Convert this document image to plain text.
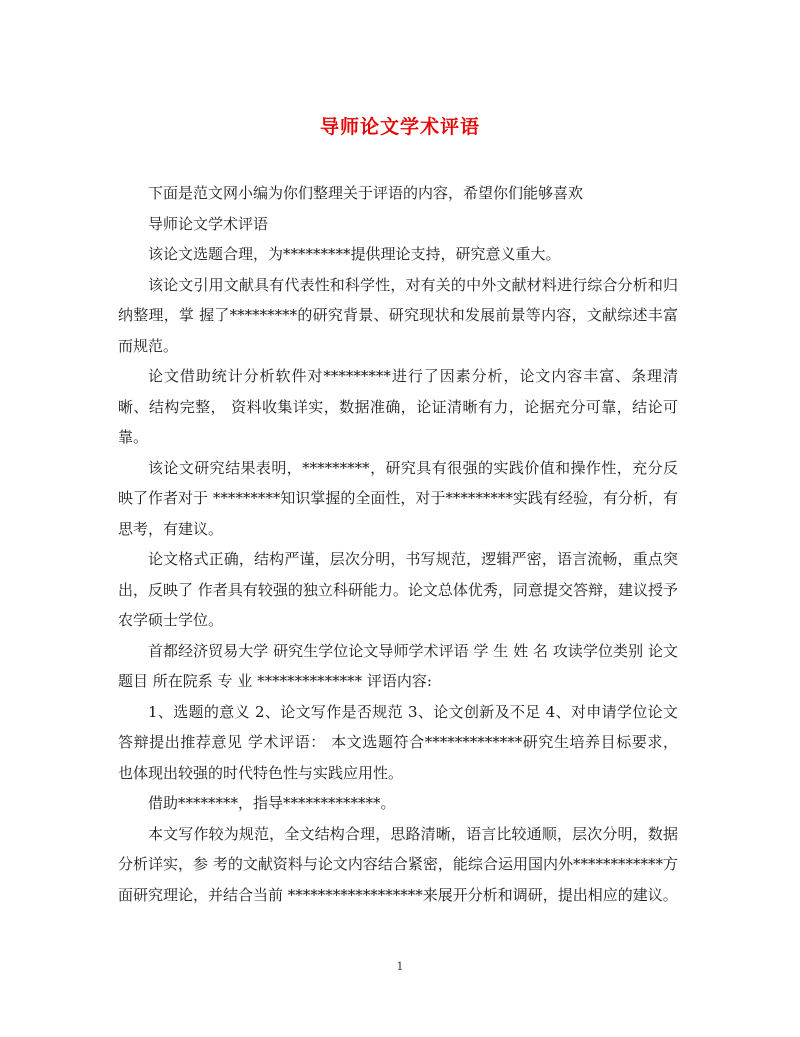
导师论文学术评语

下面是范文网小编为你们整理关于评语的内容，希望你们能够喜欢

导师论文学术评语

该论文选题合理，为*********提供理论支持，研究意义重大。

该论文引用文献具有代表性和科学性，对有关的中外文献材料进行综合分析和归纳整理，掌 握了*********的研究背景、研究现状和发展前景等内容，文献综述丰富而规范。

论文借助统计分析软件对*********进行了因素分析，论文内容丰富、条理清晰、结构完整， 资料收集详实，数据准确，论证清晰有力，论据充分可靠，结论可靠。

该论文研究结果表明，*********，研究具有很强的实践价值和操作性，充分反映了作者对于 *********知识掌握的全面性，对于*********实践有经验，有分析，有思考，有建议。

论文格式正确，结构严谨，层次分明，书写规范，逻辑严密，语言流畅，重点突出，反映了 作者具有较强的独立科研能力。论文总体优秀，同意提交答辩，建议授予农学硕士学位。

首都经济贸易大学 研究生学位论文导师学术评语 学 生 姓 名 攻读学位类别 论文题目 所在院系 专 业 ************** 评语内容:

1、选题的意义 2、论文写作是否规范 3、论文创新及不足 4、对申请学位论文答辩提出推荐意见 学术评语： 本文选题符合*************研究生培养目标要求， 也体现出较强的时代特色性与实践应用性。

借助********，指导*************。

本文写作较为规范，全文结构合理，思路清晰，语言比较通顺，层次分明，数据分析详实，参 考的文献资料与论文内容结合紧密，能综合运用国内外************方面研究理论，并结合当前 ******************来展开分析和调研，提出相应的建议。

1
